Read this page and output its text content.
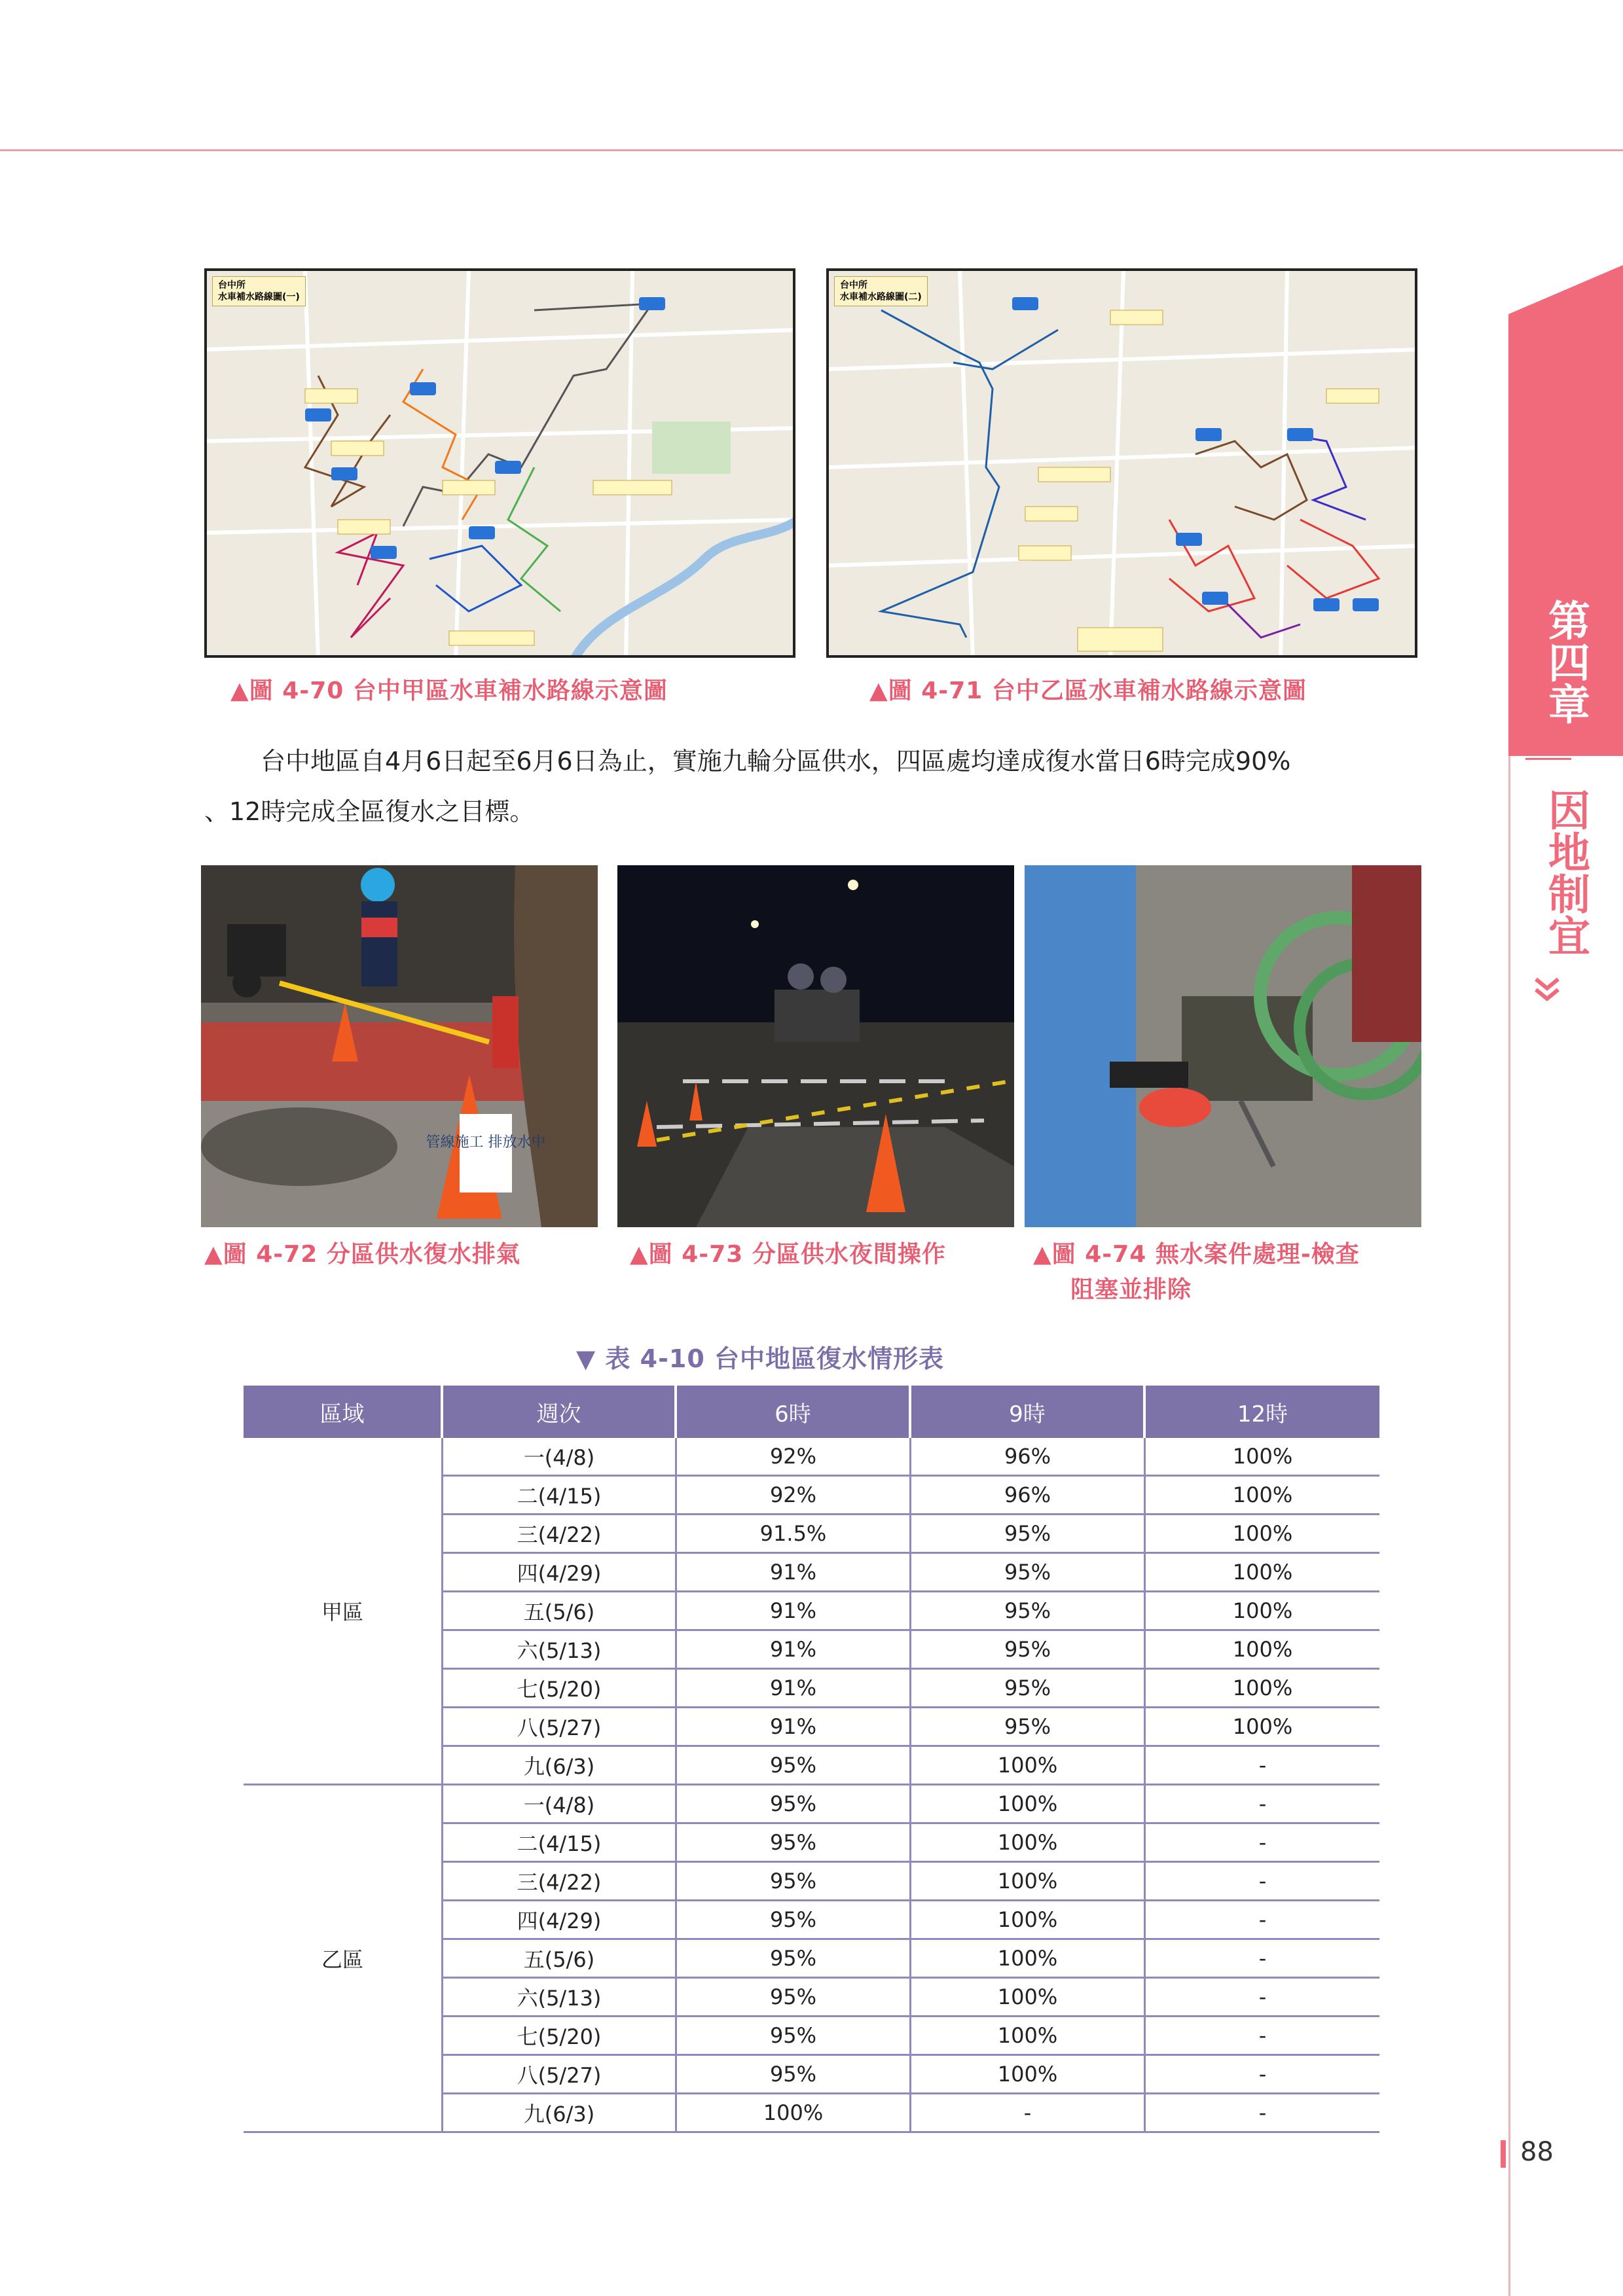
第四章
因地制宜
台中所
水車補水路線圖(一)
▲圖 4-70 台中甲區水車補水路線示意圖
台中所
水車補水路線圖(二)
▲圖 4-71 台中乙區水車補水路線示意圖
台中地區自4月6日起至6月6日為止，實施九輪分區供水，四區處均達成復水當日6時完成90%
、12時完成全區復水之目標。
管線施工 排放水中
▲圖 4-72 分區供水復水排氣	▲圖 4-73 分區供水夜間操作	▲圖 4-74 無水案件處理-檢查
阻塞並排除
▼ 表 4-10 台中地區復水情形表
區域	週次	6時	9時	12時
甲區	一(4/8)	92%	96%	100%
	二(4/15)	92%	96%	100%
	三(4/22)	91.5%	95%	100%
	四(4/29)	91%	95%	100%
	五(5/6)	91%	95%	100%
	六(5/13)	91%	95%	100%
	七(5/20)	91%	95%	100%
	八(5/27)	91%	95%	100%
	九(6/3)	95%	100%	-
乙區	一(4/8)	95%	100%	-
	二(4/15)	95%	100%	-
	三(4/22)	95%	100%	-
	四(4/29)	95%	100%	-
	五(5/6)	95%	100%	-
	六(5/13)	95%	100%	-
	七(5/20)	95%	100%	-
	八(5/27)	95%	100%	-
	九(6/3)	100%	-	-
88
